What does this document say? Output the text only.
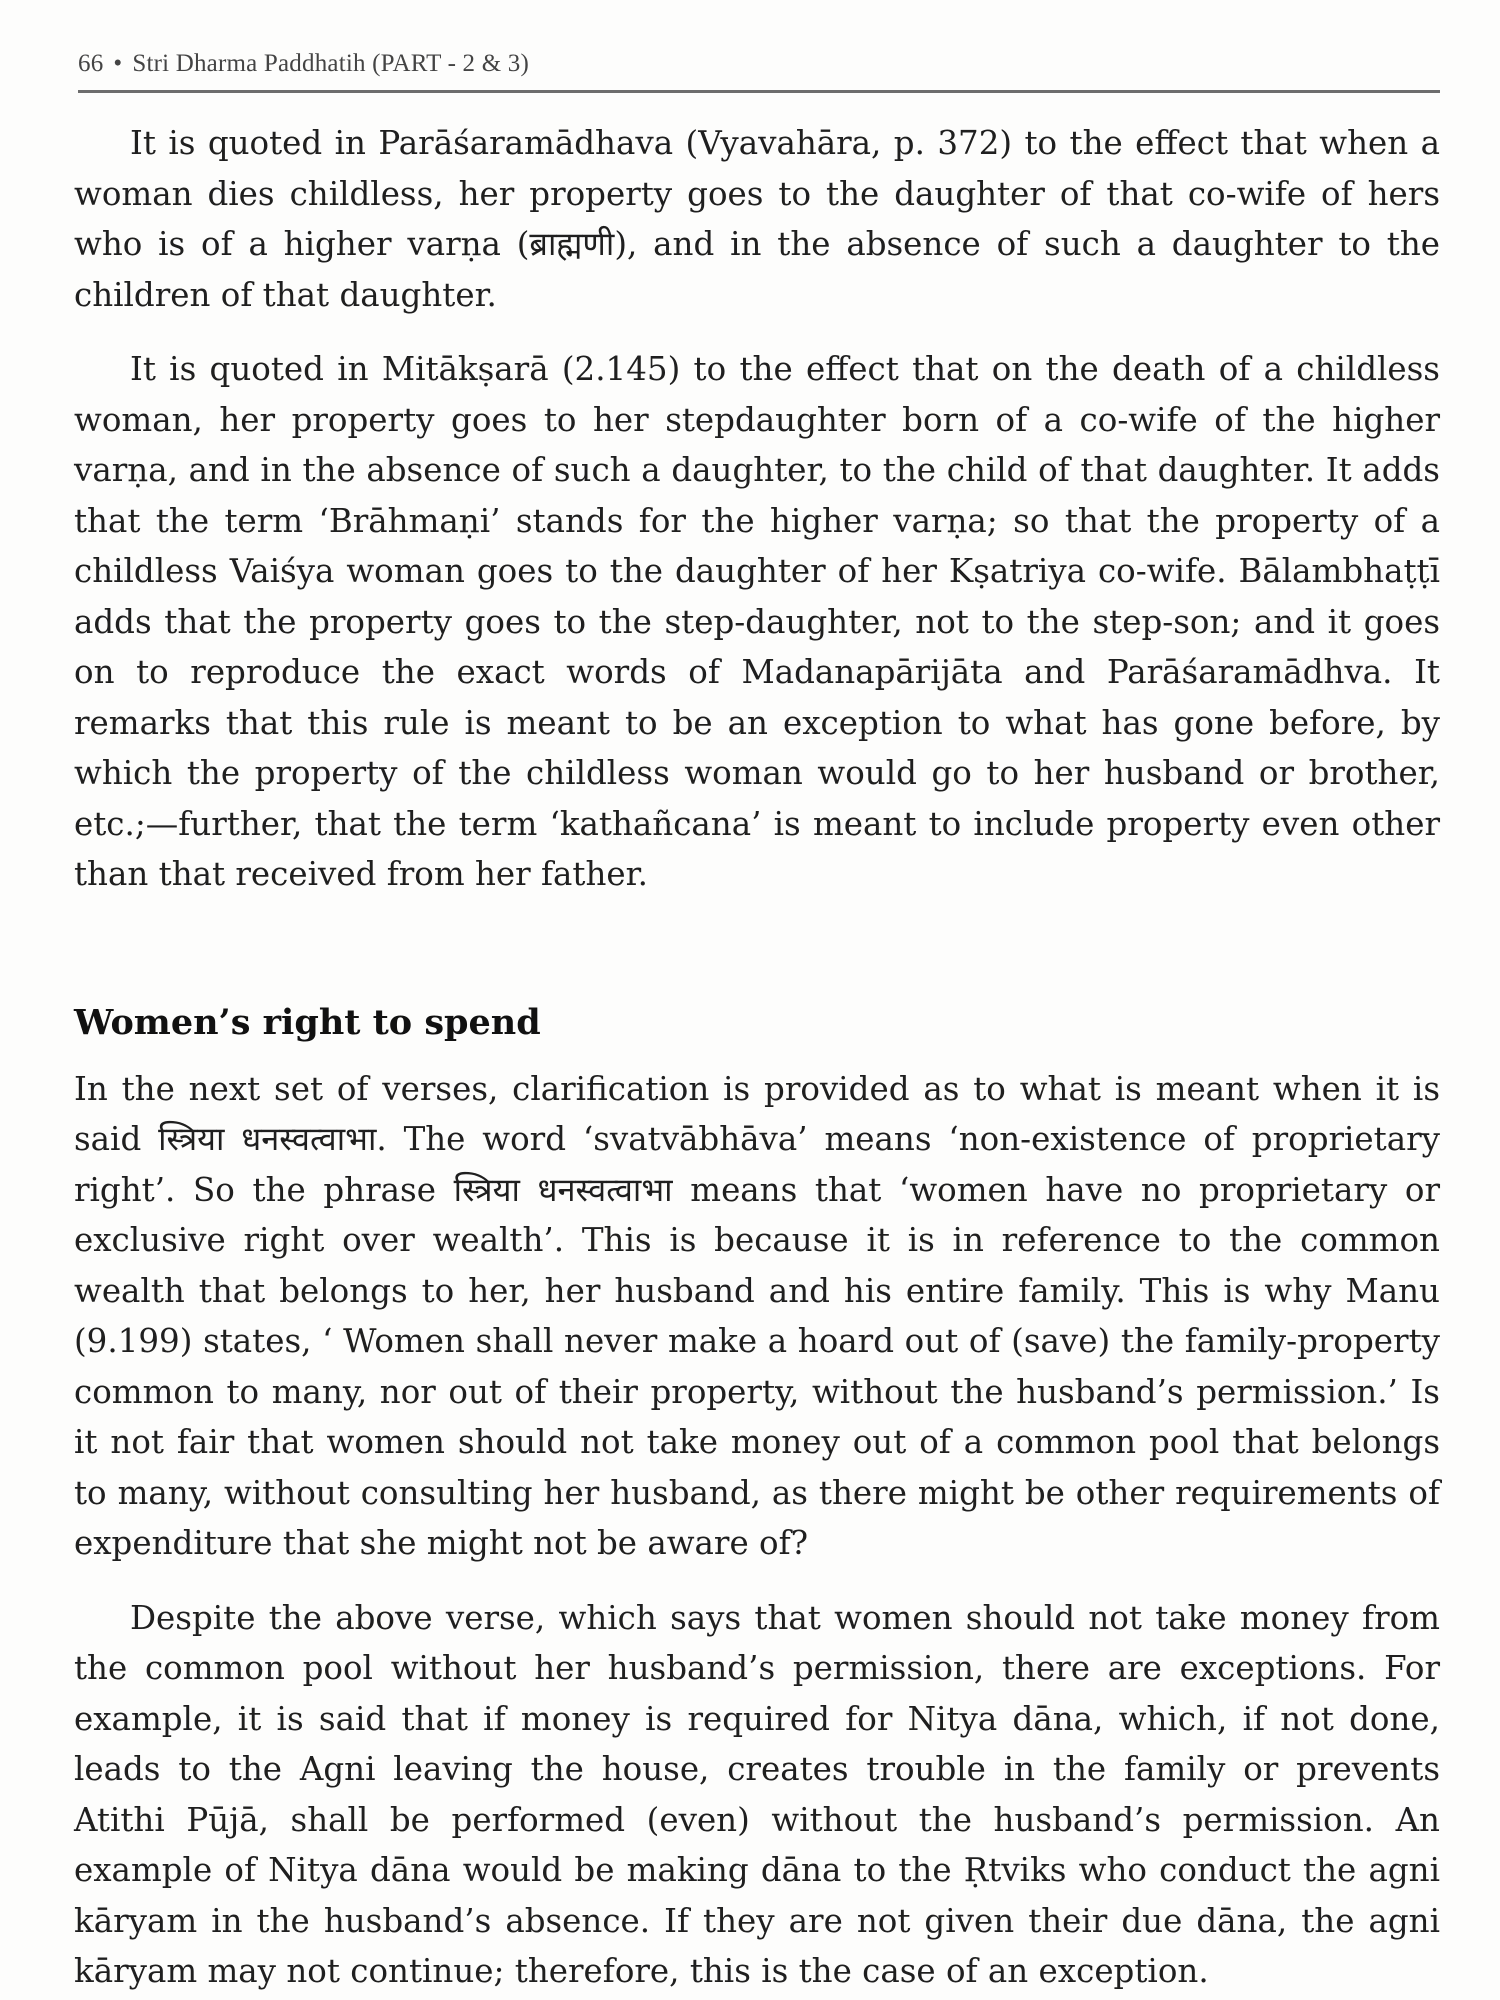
66 • Stri Dharma Paddhatih (PART - 2 & 3)

It is quoted in Parāśaramādhava (Vyavahāra, p. 372) to the effect that when a woman dies childless, her property goes to the daughter of that co-wife of hers who is of a higher varṇa (ब्राह्मणी), and in the absence of such a daughter to the children of that daughter.

It is quoted in Mitākṣarā (2.145) to the effect that on the death of a childless woman, her property goes to her stepdaughter born of a co-wife of the higher varṇa, and in the absence of such a daughter, to the child of that daughter. It adds that the term ‘Brāhmaṇi’ stands for the higher varṇa; so that the property of a childless Vaiśya woman goes to the daughter of her Kṣatriya co-wife. Bālambhaṭṭī adds that the property goes to the step-daughter, not to the step-son; and it goes on to reproduce the exact words of Madanapārijāta and Parāśaramādhva. It remarks that this rule is meant to be an exception to what has gone before, by which the property of the childless woman would go to her husband or brother, etc.;—further, that the term ‘kathañcana’ is meant to include property even other than that received from her father.

Women’s right to spend

In the next set of verses, clarification is provided as to what is meant when it is said स्त्रिया धनस्वत्वाभा. The word ‘svatvābhāva’ means ‘non-existence of proprietary right’. So the phrase स्त्रिया धनस्वत्वाभा means that ‘women have no proprietary or exclusive right over wealth’. This is because it is in reference to the common wealth that belongs to her, her husband and his entire family. This is why Manu (9.199) states, ‘ Women shall never make a hoard out of (save) the family-property common to many, nor out of their property, without the husband’s permission.’ Is it not fair that women should not take money out of a common pool that belongs to many, without consulting her husband, as there might be other requirements of expenditure that she might not be aware of?

Despite the above verse, which says that women should not take money from the common pool without her husband’s permission, there are exceptions. For example, it is said that if money is required for Nitya dāna, which, if not done, leads to the Agni leaving the house, creates trouble in the family or prevents Atithi Pūjā, shall be performed (even) without the husband’s permission. An example of Nitya dāna would be making dāna to the Ṛtviks who conduct the agni kāryam in the husband’s absence. If they are not given their due dāna, the agni kāryam may not continue; therefore, this is the case of an exception.
